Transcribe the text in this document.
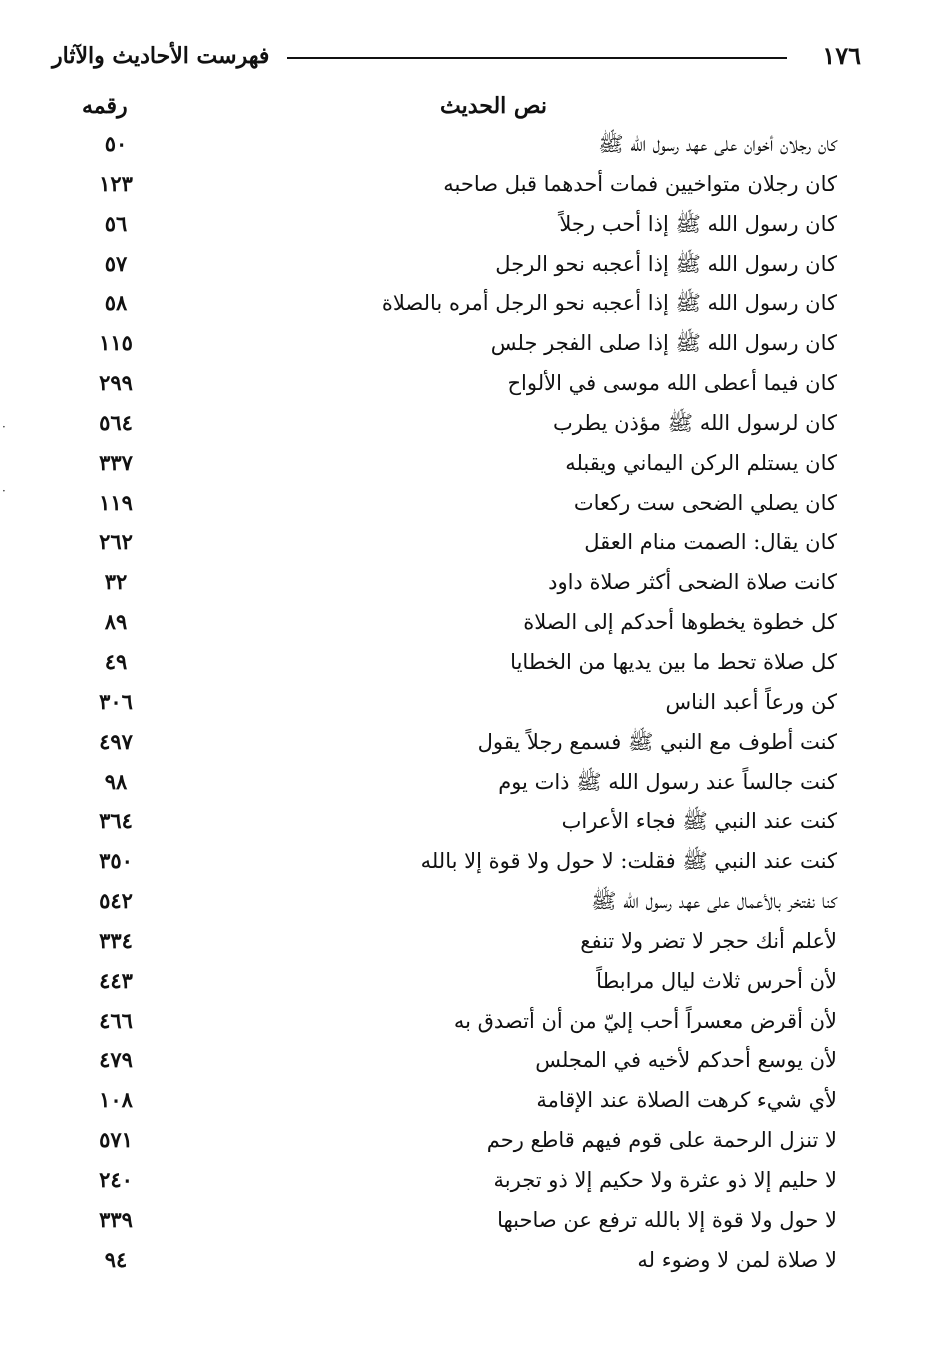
١٧٦
فهرست الأحاديث والآثار
نص الحديث
رقمه
كان رجلان أخوان على عهد رسول الله ﷺ
٥٠
كان رجلان متواخيين فمات أحدهما قبل صاحبه
١٢٣
كان رسول الله ﷺ إذا أحب رجلاً
٥٦
كان رسول الله ﷺ إذا أعجبه نحو الرجل
٥٧
كان رسول الله ﷺ إذا أعجبه نحو الرجل أمره بالصلاة
٥٨
كان رسول الله ﷺ إذا صلى الفجر جلس
١١٥
كان فيما أعطى الله موسى في الألواح
٢٩٩
كان لرسول الله ﷺ مؤذن يطرب
٥٦٤
كان يستلم الركن اليماني ويقبله
٣٣٧
كان يصلي الضحى ست ركعات
١١٩
كان يقال: الصمت منام العقل
٢٦٢
كانت صلاة الضحى أكثر صلاة داود
٣٢
كل خطوة يخطوها أحدكم إلى الصلاة
٨٩
كل صلاة تحط ما بين يديها من الخطايا
٤٩
كن ورعاً أعبد الناس
٣٠٦
كنت أطوف مع النبي ﷺ فسمع رجلاً يقول
٤٩٧
كنت جالساً عند رسول الله ﷺ ذات يوم
٩٨
كنت عند النبي ﷺ فجاء الأعراب
٣٦٤
كنت عند النبي ﷺ فقلت: لا حول ولا قوة إلا بالله
٣٥٠
كنا نفتخر بالأعمال على عهد رسول الله ﷺ
٥٤٢
لأعلم أنك حجر لا تضر ولا تنفع
٣٣٤
لأن أحرس ثلاث ليال مرابطاً
٤٤٣
لأن أقرض معسراً أحب إليّ من أن أتصدق به
٤٦٦
لأن يوسع أحدكم لأخيه في المجلس
٤٧٩
لأي شيء كرهت الصلاة عند الإقامة
١٠٨
لا تنزل الرحمة على قوم فيهم قاطع رحم
٥٧١
لا حليم إلا ذو عثرة ولا حكيم إلا ذو تجربة
٢٤٠
لا حول ولا قوة إلا بالله ترفع عن صاحبها
٣٣٩
لا صلاة لمن لا وضوء له
٩٤
·
·
